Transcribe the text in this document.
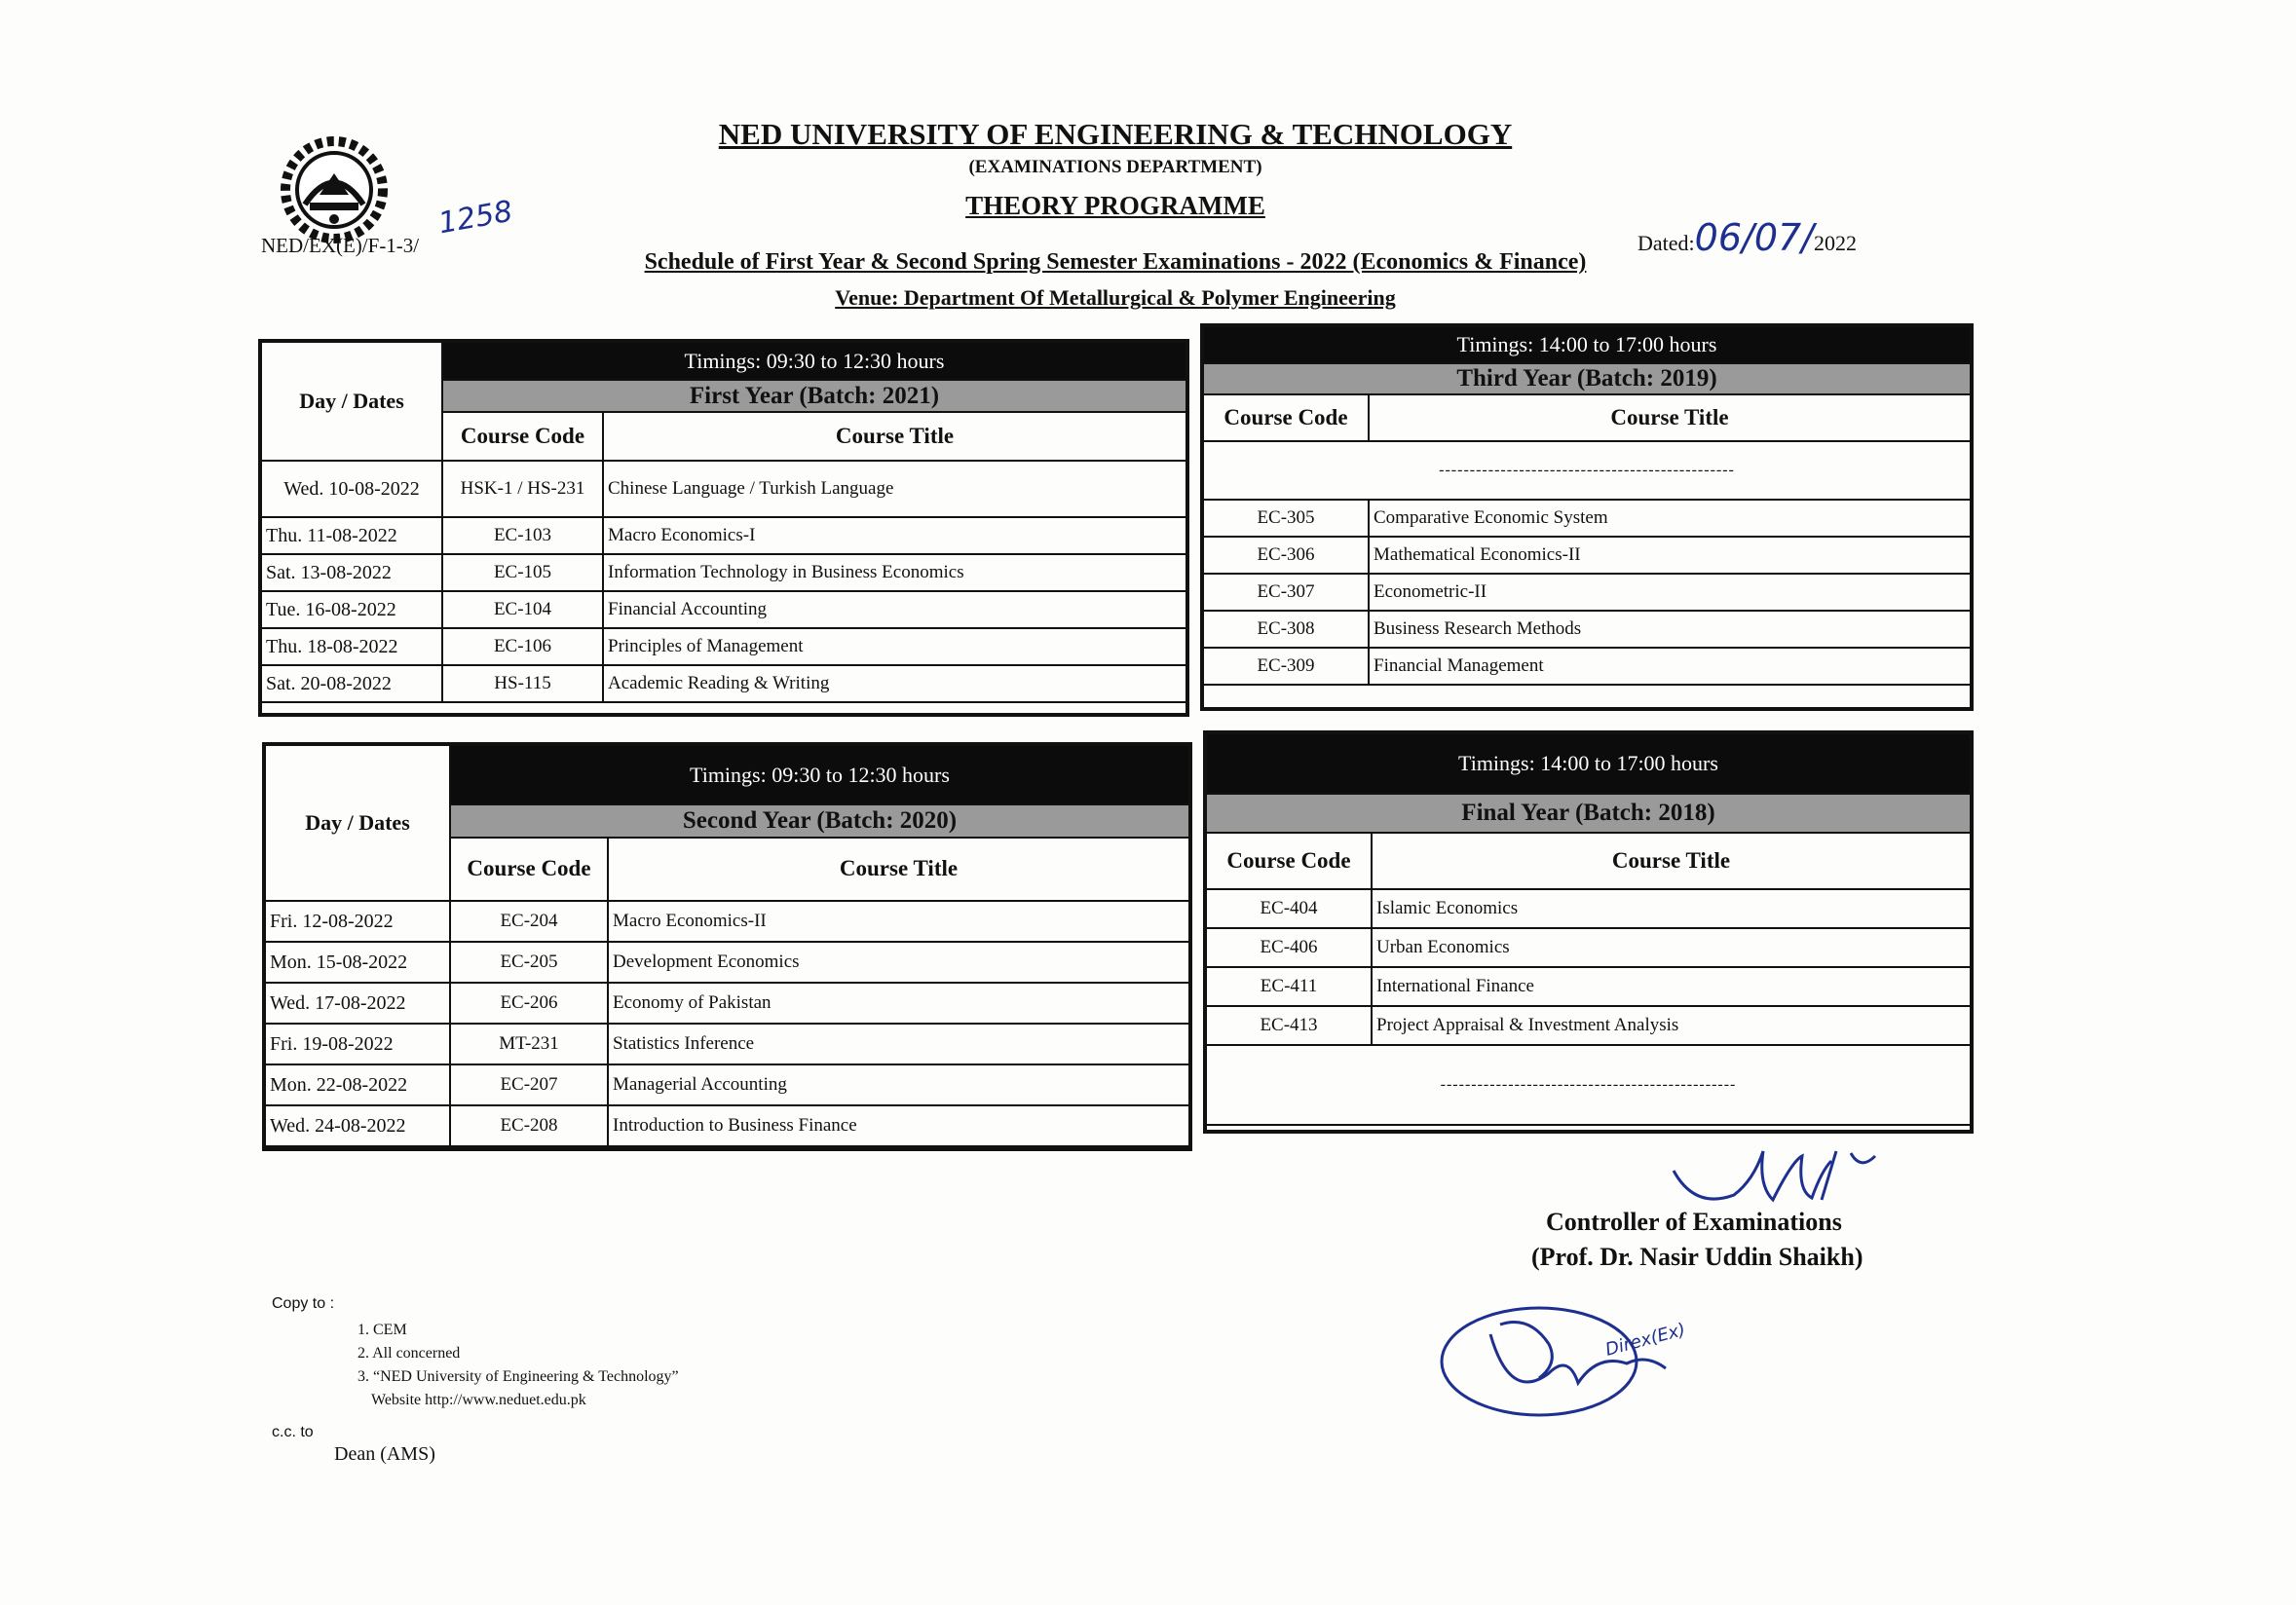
NED UNIVERSITY OF ENGINEERING & TECHNOLOGY
(EXAMINATIONS DEPARTMENT)
THEORY PROGRAMME
NED/EX(E)/F-1-3/
1258
Dated:06/07/2022
Schedule of First Year & Second Spring Semester Examinations - 2022 (Economics & Finance)
Venue: Department Of Metallurgical & Polymer Engineering
Day / Dates	Timings: 09:30 to 12:30 hours	
	First Year (Batch: 2021)	
	Course Code	Course Title
Wed. 10-08-2022	HSK-1 / HS-231	Chinese Language / Turkish Language
Thu. 11-08-2022	EC-103	Macro Economics-I
Sat. 13-08-2022	EC-105	Information Technology in Business Economics
Tue. 16-08-2022	EC-104	Financial Accounting
Thu. 18-08-2022	EC-106	Principles of Management
Sat. 20-08-2022	HS-115	Academic Reading & Writing
Timings: 14:00 to 17:00 hours	
Third Year (Batch: 2019)	
Course Code	Course Title
------------------------------------------------	
EC-305	Comparative Economic System
EC-306	Mathematical Economics-II
EC-307	Econometric-II
EC-308	Business Research Methods
EC-309	Financial Management
Day / Dates	Timings: 09:30 to 12:30 hours	
	Second Year (Batch: 2020)	
	Course Code	Course Title
Fri. 12-08-2022	EC-204	Macro Economics-II
Mon. 15-08-2022	EC-205	Development Economics
Wed. 17-08-2022	EC-206	Economy of Pakistan
Fri. 19-08-2022	MT-231	Statistics Inference
Mon. 22-08-2022	EC-207	Managerial Accounting
Wed. 24-08-2022	EC-208	Introduction to Business Finance
Timings: 14:00 to 17:00 hours	
Final Year (Batch: 2018)	
Course Code	Course Title
EC-404	Islamic Economics
EC-406	Urban Economics
EC-411	International Finance
EC-413	Project Appraisal & Investment Analysis
------------------------------------------------	
Controller of Examinations
(Prof. Dr. Nasir Uddin Shaikh)
Direx(Ex)
Copy to :
1. CEM
2. All concerned
3. “NED University of Engineering & Technology”
Website http://www.neduet.edu.pk
c.c. to
Dean (AMS)
